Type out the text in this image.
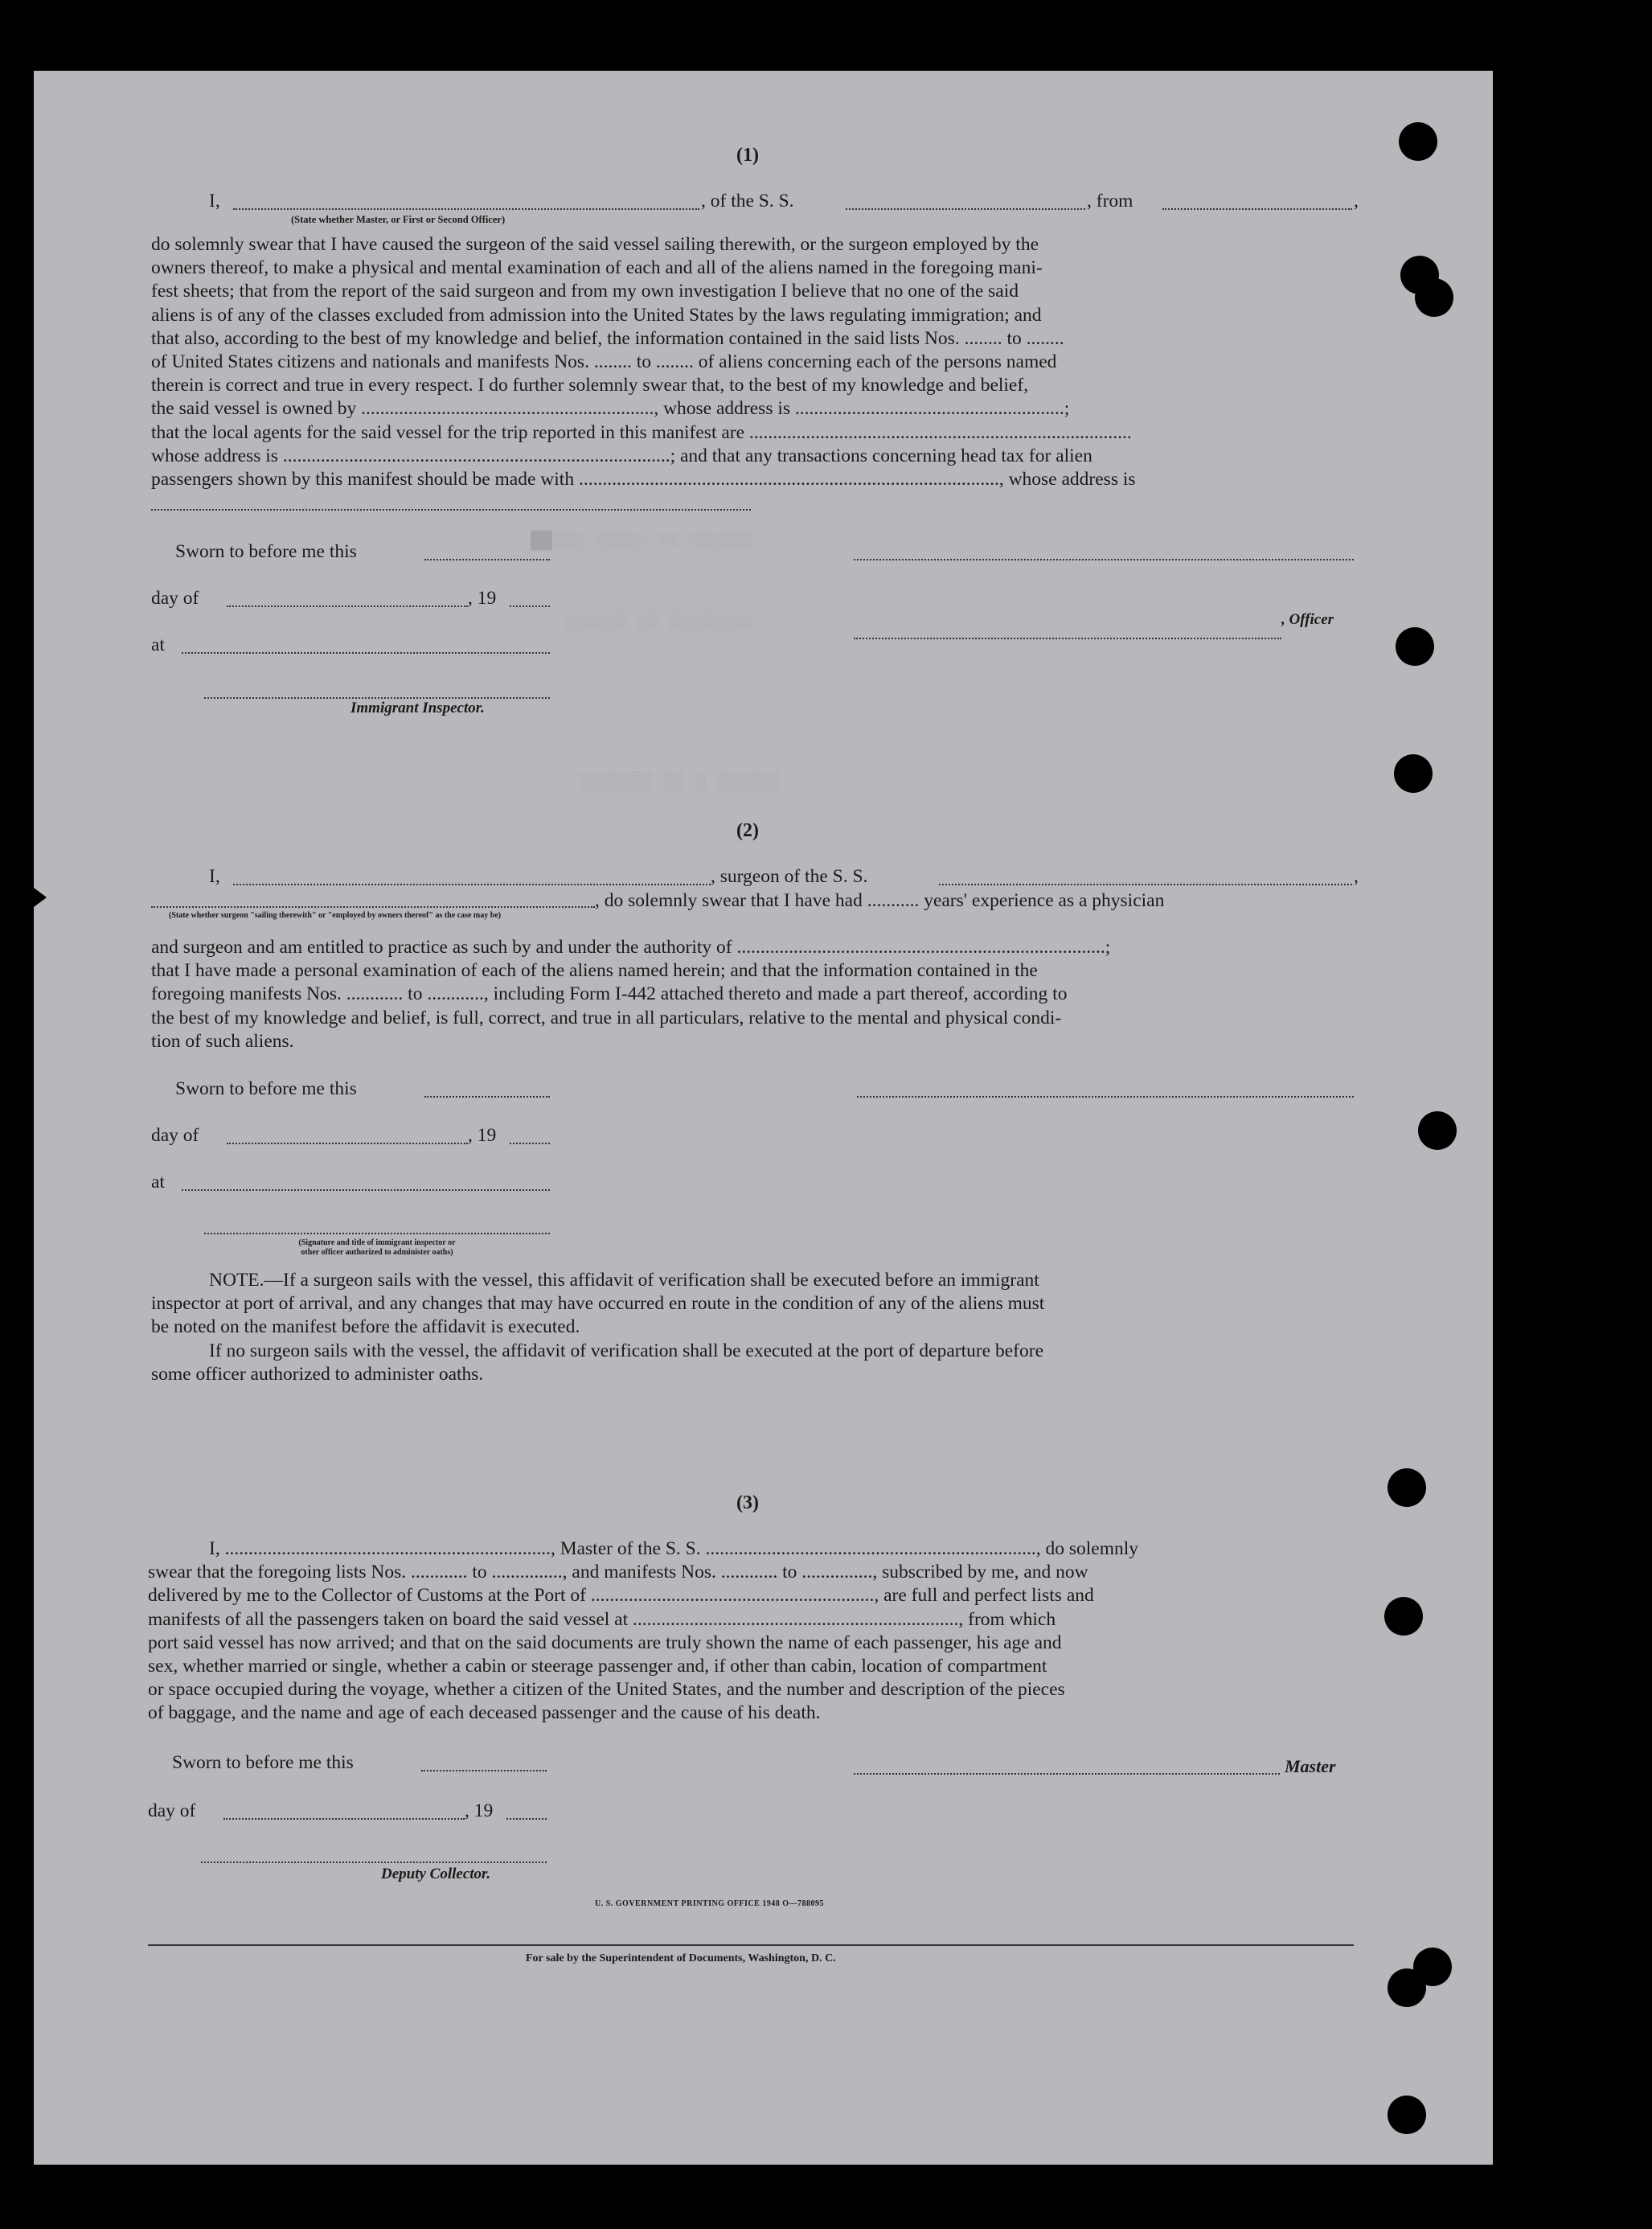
██░░░ ░░░░░ ░░ ░░░░░░
░░░░░░ ░░ ░░░░░░░░
░░░░░░░ ░░ ░ ░░░░░░
(1)
I,	, of the S. S.	, from	,
(State whether Master, or First or Second Officer)
do solemnly swear that I have caused the surgeon of the said vessel sailing therewith, or the surgeon employed by the
owners thereof, to make a physical and mental examination of each and all of the aliens named in the foregoing mani-
fest sheets; that from the report of the said surgeon and from my own investigation I believe that no one of the said
aliens is of any of the classes excluded from admission into the United States by the laws regulating immigration; and
that also, according to the best of my knowledge and belief, the information contained in the said lists Nos. ........ to ........
of United States citizens and nationals and manifests Nos. ........ to ........ of aliens concerning each of the persons named
therein is correct and true in every respect. I do further solemnly swear that, to the best of my knowledge and belief,
the said vessel is owned by .............................................................., whose address is .........................................................;
that the local agents for the said vessel for the trip reported in this manifest are .................................................................................
whose address is ..................................................................................; and that any transactions concerning head tax for alien
passengers shown by this manifest should be made with ........................................................................................., whose address is
Sworn to before me this
day of	, 19
, Officer
at
Immigrant Inspector.
(2)
I,	, surgeon of the S. S.	,
, do solemnly swear that I have had ........... years' experience as a physician
(State whether surgeon "sailing therewith" or "employed by owners thereof" as the case may be)
and surgeon and am entitled to practice as such by and under the authority of ..............................................................................;
that I have made a personal examination of each of the aliens named herein; and that the information contained in the
foregoing manifests Nos. ............ to ............, including Form I-442 attached thereto and made a part thereof, according to
the best of my knowledge and belief, is full, correct, and true in all particulars, relative to the mental and physical condi-
tion of such aliens.
Sworn to before me this
day of	, 19
at
(Signature and title of immigrant inspector or
other officer authorized to administer oaths)
NOTE.—If a surgeon sails with the vessel, this affidavit of verification shall be executed before an immigrant
inspector at port of arrival, and any changes that may have occurred en route in the condition of any of the aliens must
be noted on the manifest before the affidavit is executed.
If no surgeon sails with the vessel, the affidavit of verification shall be executed at the port of departure before
some officer authorized to administer oaths.
(3)
I, ....................................................................., Master of the S. S. ......................................................................, do solemnly
swear that the foregoing lists Nos. ............ to ..............., and manifests Nos. ............ to ..............., subscribed by me, and now
delivered by me to the Collector of Customs at the Port of ............................................................, are full and perfect lists and
manifests of all the passengers taken on board the said vessel at ....................................................................., from which
port said vessel has now arrived; and that on the said documents are truly shown the name of each passenger, his age and
sex, whether married or single, whether a cabin or steerage passenger and, if other than cabin, location of compartment
or space occupied during the voyage, whether a citizen of the United States, and the number and description of the pieces
of baggage, and the name and age of each deceased passenger and the cause of his death.
Sworn to before me this	Master
day of	, 19
Deputy Collector.
U. S. GOVERNMENT PRINTING OFFICE 1948 O—788095
For sale by the Superintendent of Documents, Washington, D. C.
